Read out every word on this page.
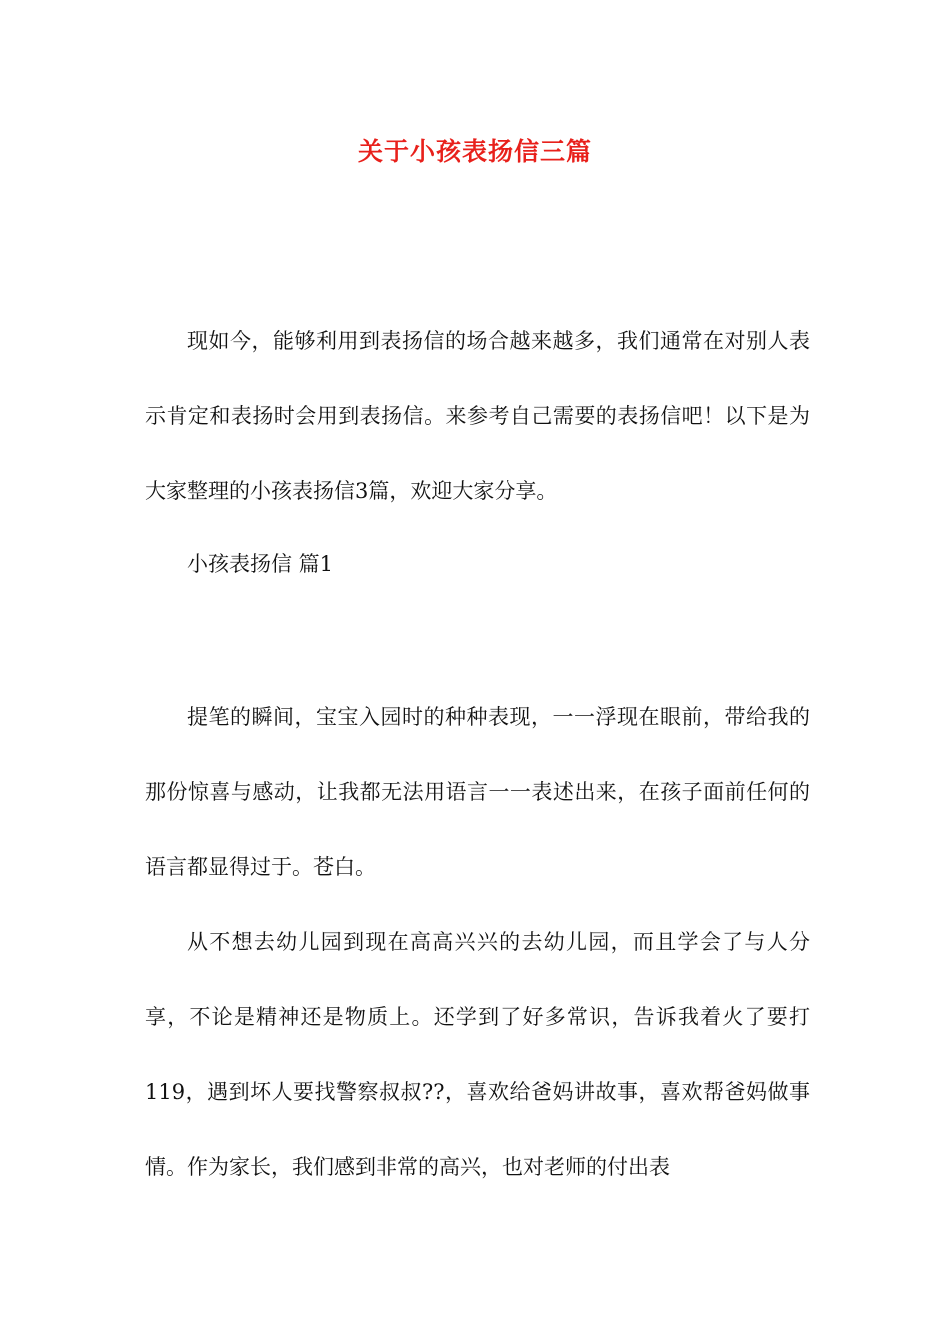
关于小孩表扬信三篇

现如今，能够利用到表扬信的场合越来越多，我们通常在对别人表示肯定和表扬时会用到表扬信。来参考自己需要的表扬信吧！以下是为大家整理的小孩表扬信3篇，欢迎大家分享。

小孩表扬信 篇1

提笔的瞬间，宝宝入园时的种种表现，一一浮现在眼前，带给我的那份惊喜与感动，让我都无法用语言一一表述出来，在孩子面前任何的语言都显得过于。苍白。

从不想去幼儿园到现在高高兴兴的去幼儿园，而且学会了与人分享，不论是精神还是物质上。还学到了好多常识，告诉我着火了要打119，遇到坏人要找警察叔叔??，喜欢给爸妈讲故事，喜欢帮爸妈做事情。作为家长，我们感到非常的高兴，也对老师的付出表
